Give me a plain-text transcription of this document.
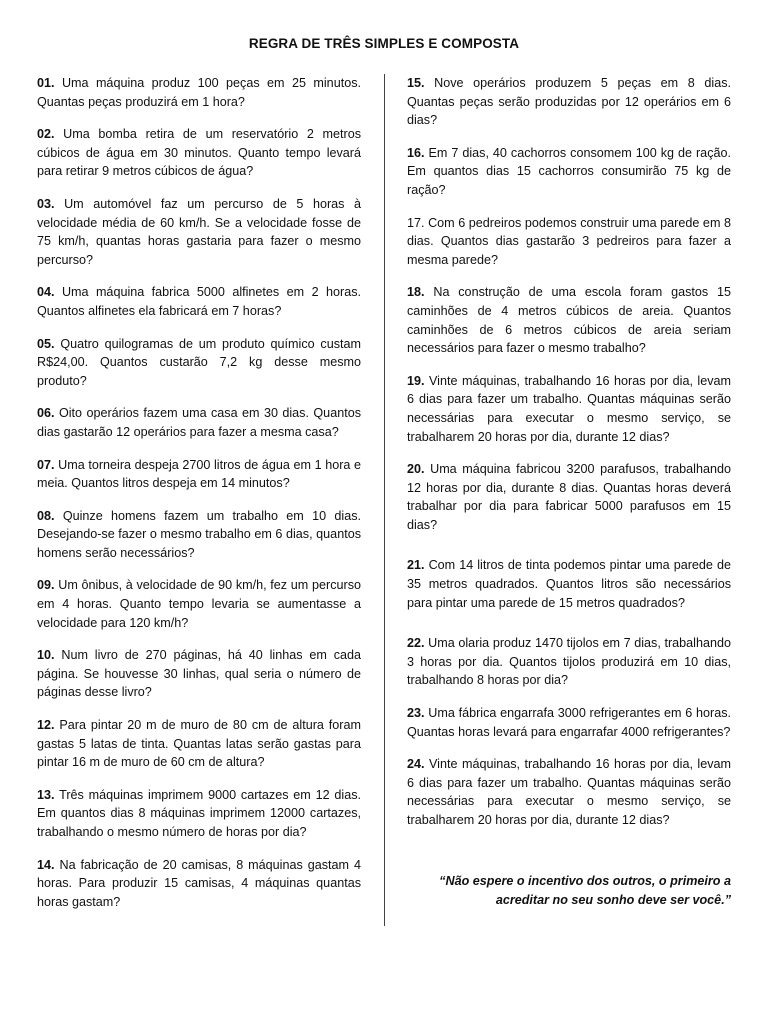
REGRA DE TRÊS SIMPLES E COMPOSTA

01. Uma máquina produz 100 peças em 25 minutos. Quantas peças produzirá em 1 hora?

02. Uma bomba retira de um reservatório 2 metros cúbicos de água em 30 minutos. Quanto tempo levará para retirar 9 metros cúbicos de água?

03. Um automóvel faz um percurso de 5 horas à velocidade média de 60 km/h. Se a velocidade fosse de 75 km/h, quantas horas gastaria para fazer o mesmo percurso?

04. Uma máquina fabrica 5000 alfinetes em 2 horas. Quantos alfinetes ela fabricará em 7 horas?

05. Quatro quilogramas de um produto químico custam R$24,00. Quantos custarão 7,2 kg desse mesmo produto?

06. Oito operários fazem uma casa em 30 dias. Quantos dias gastarão 12 operários para fazer a mesma casa?

07. Uma torneira despeja 2700 litros de água em 1 hora e meia. Quantos litros despeja em 14 minutos?

08. Quinze homens fazem um trabalho em 10 dias. Desejando-se fazer o mesmo trabalho em 6 dias, quantos homens serão necessários?

09. Um ônibus, à velocidade de 90 km/h, fez um percurso em 4 horas. Quanto tempo levaria se aumentasse a velocidade para 120 km/h?

10. Num livro de 270 páginas, há 40 linhas em cada página. Se houvesse 30 linhas, qual seria o número de páginas desse livro?

12. Para pintar 20 m de muro de 80 cm de altura foram gastas 5 latas de tinta. Quantas latas serão gastas para pintar 16 m de muro de 60 cm de altura?

13. Três máquinas imprimem 9000 cartazes em 12 dias. Em quantos dias 8 máquinas imprimem 12000 cartazes, trabalhando o mesmo número de horas por dia?

14. Na fabricação de 20 camisas, 8 máquinas gastam 4 horas. Para produzir 15 camisas, 4 máquinas quantas horas gastam?

15. Nove operários produzem 5 peças em 8 dias. Quantas peças serão produzidas por 12 operários em 6 dias?

16. Em 7 dias, 40 cachorros consomem 100 kg de ração. Em quantos dias 15 cachorros consumirão 75 kg de ração?

17. Com 6 pedreiros podemos construir uma parede em 8 dias. Quantos dias gastarão 3 pedreiros para fazer a mesma parede?

18. Na construção de uma escola foram gastos 15 caminhões de 4 metros cúbicos de areia. Quantos caminhões de 6 metros cúbicos de areia seriam necessários para fazer o mesmo trabalho?

19. Vinte máquinas, trabalhando 16 horas por dia, levam 6 dias para fazer um trabalho. Quantas máquinas serão necessárias para executar o mesmo serviço, se trabalharem 20 horas por dia, durante 12 dias?

20. Uma máquina fabricou 3200 parafusos, trabalhando 12 horas por dia, durante 8 dias. Quantas horas deverá trabalhar por dia para fabricar 5000 parafusos em 15 dias?

21. Com 14 litros de tinta podemos pintar uma parede de 35 metros quadrados. Quantos litros são necessários para pintar uma parede de 15 metros quadrados?

22. Uma olaria produz 1470 tijolos em 7 dias, trabalhando 3 horas por dia. Quantos tijolos produzirá em 10 dias, trabalhando 8 horas por dia?

23. Uma fábrica engarrafa 3000 refrigerantes em 6 horas. Quantas horas levará para engarrafar 4000 refrigerantes?

24. Vinte máquinas, trabalhando 16 horas por dia, levam 6 dias para fazer um trabalho. Quantas máquinas serão necessárias para executar o mesmo serviço, se trabalharem 20 horas por dia, durante 12 dias?

“Não espere o incentivo dos outros, o primeiro a acreditar no seu sonho deve ser você.”
